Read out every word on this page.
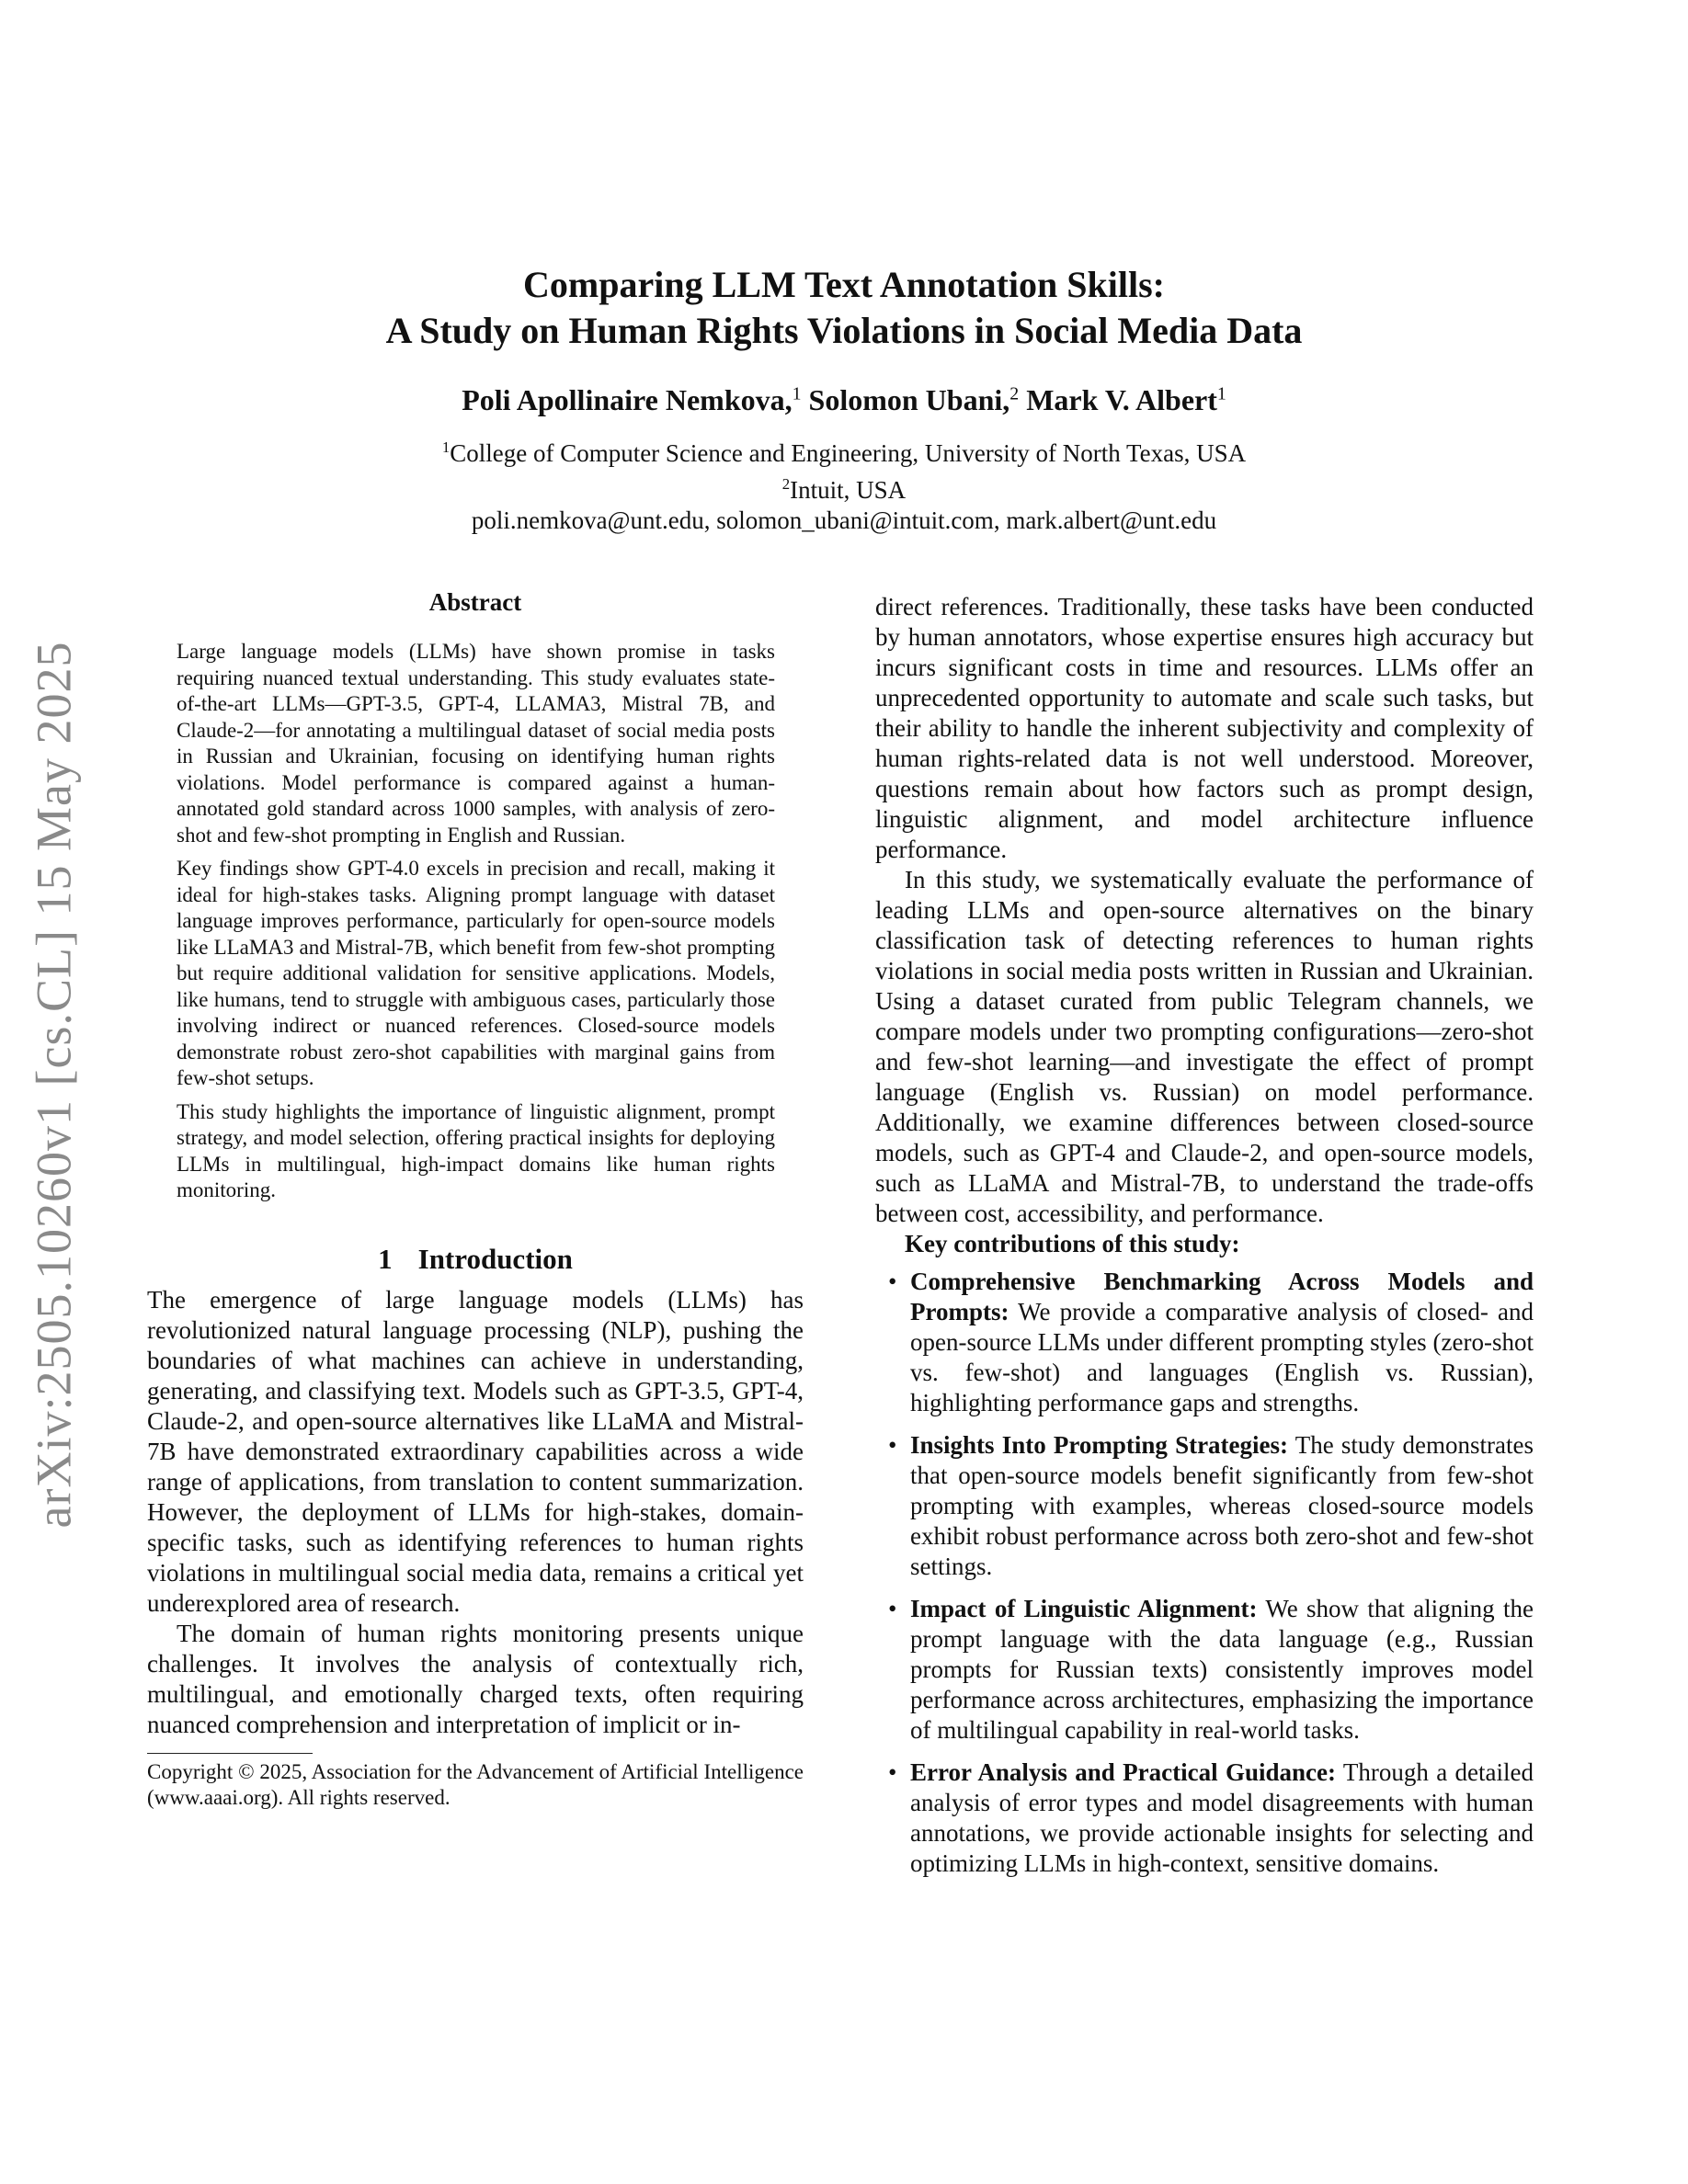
arXiv:2505.10260v1 [cs.CL] 15 May 2025
Comparing LLM Text Annotation Skills:
A Study on Human Rights Violations in Social Media Data
Poli Apollinaire Nemkova,$^1$ Solomon Ubani,$^2$ Mark V. Albert$^1$
$^1$College of Computer Science and Engineering, University of North Texas, USA
$^2$Intuit, USA
poli.nemkova@unt.edu, solomon_ubani@intuit.com, mark.albert@unt.edu
Abstract

Large language models (LLMs) have shown promise in tasks requiring nuanced textual understanding. This study evaluates state-of-the-art LLMs—GPT-3.5, GPT-4, LLAMA3, Mistral 7B, and Claude-2—for annotating a multilingual dataset of social media posts in Russian and Ukrainian, focusing on identifying human rights violations. Model performance is compared against a human-annotated gold standard across 1000 samples, with analysis of zero-shot and few-shot prompting in English and Russian.

Key findings show GPT-4.0 excels in precision and recall, making it ideal for high-stakes tasks. Aligning prompt language with dataset language improves performance, particularly for open-source models like LLaMA3 and Mistral-7B, which benefit from few-shot prompting but require additional validation for sensitive applications. Models, like humans, tend to struggle with ambiguous cases, particularly those involving indirect or nuanced references. Closed-source models demonstrate robust zero-shot capabilities with marginal gains from few-shot setups.

This study highlights the importance of linguistic alignment, prompt strategy, and model selection, offering practical insights for deploying LLMs in multilingual, high-impact domains like human rights monitoring.

1 Introduction

The emergence of large language models (LLMs) has revolutionized natural language processing (NLP), pushing the boundaries of what machines can achieve in understanding, generating, and classifying text. Models such as GPT-3.5, GPT-4, Claude-2, and open-source alternatives like LLaMA and Mistral-7B have demonstrated extraordinary capabilities across a wide range of applications, from translation to content summarization. However, the deployment of LLMs for high-stakes, domain-specific tasks, such as identifying references to human rights violations in multilingual social media data, remains a critical yet underexplored area of research.

The domain of human rights monitoring presents unique challenges. It involves the analysis of contextually rich, multilingual, and emotionally charged texts, often requiring nuanced comprehension and interpretation of implicit or in-

Copyright © 2025, Association for the Advancement of Artificial Intelligence (www.aaai.org). All rights reserved.

direct references. Traditionally, these tasks have been conducted by human annotators, whose expertise ensures high accuracy but incurs significant costs in time and resources. LLMs offer an unprecedented opportunity to automate and scale such tasks, but their ability to handle the inherent subjectivity and complexity of human rights-related data is not well understood. Moreover, questions remain about how factors such as prompt design, linguistic alignment, and model architecture influence performance.

In this study, we systematically evaluate the performance of leading LLMs and open-source alternatives on the binary classification task of detecting references to human rights violations in social media posts written in Russian and Ukrainian. Using a dataset curated from public Telegram channels, we compare models under two prompting configurations—zero-shot and few-shot learning—and investigate the effect of prompt language (English vs. Russian) on model performance. Additionally, we examine differences between closed-source models, such as GPT-4 and Claude-2, and open-source models, such as LLaMA and Mistral-7B, to understand the trade-offs between cost, accessibility, and performance.

Key contributions of this study:
• Comprehensive Benchmarking Across Models and Prompts: We provide a comparative analysis of closed- and open-source LLMs under different prompting styles (zero-shot vs. few-shot) and languages (English vs. Russian), highlighting performance gaps and strengths.
• Insights Into Prompting Strategies: The study demonstrates that open-source models benefit significantly from few-shot prompting with examples, whereas closed-source models exhibit robust performance across both zero-shot and few-shot settings.
• Impact of Linguistic Alignment: We show that aligning the prompt language with the data language (e.g., Russian prompts for Russian texts) consistently improves model performance across architectures, emphasizing the importance of multilingual capability in real-world tasks.
• Error Analysis and Practical Guidance: Through a detailed analysis of error types and model disagreements with human annotations, we provide actionable insights for selecting and optimizing LLMs in high-context, sensitive domains.
